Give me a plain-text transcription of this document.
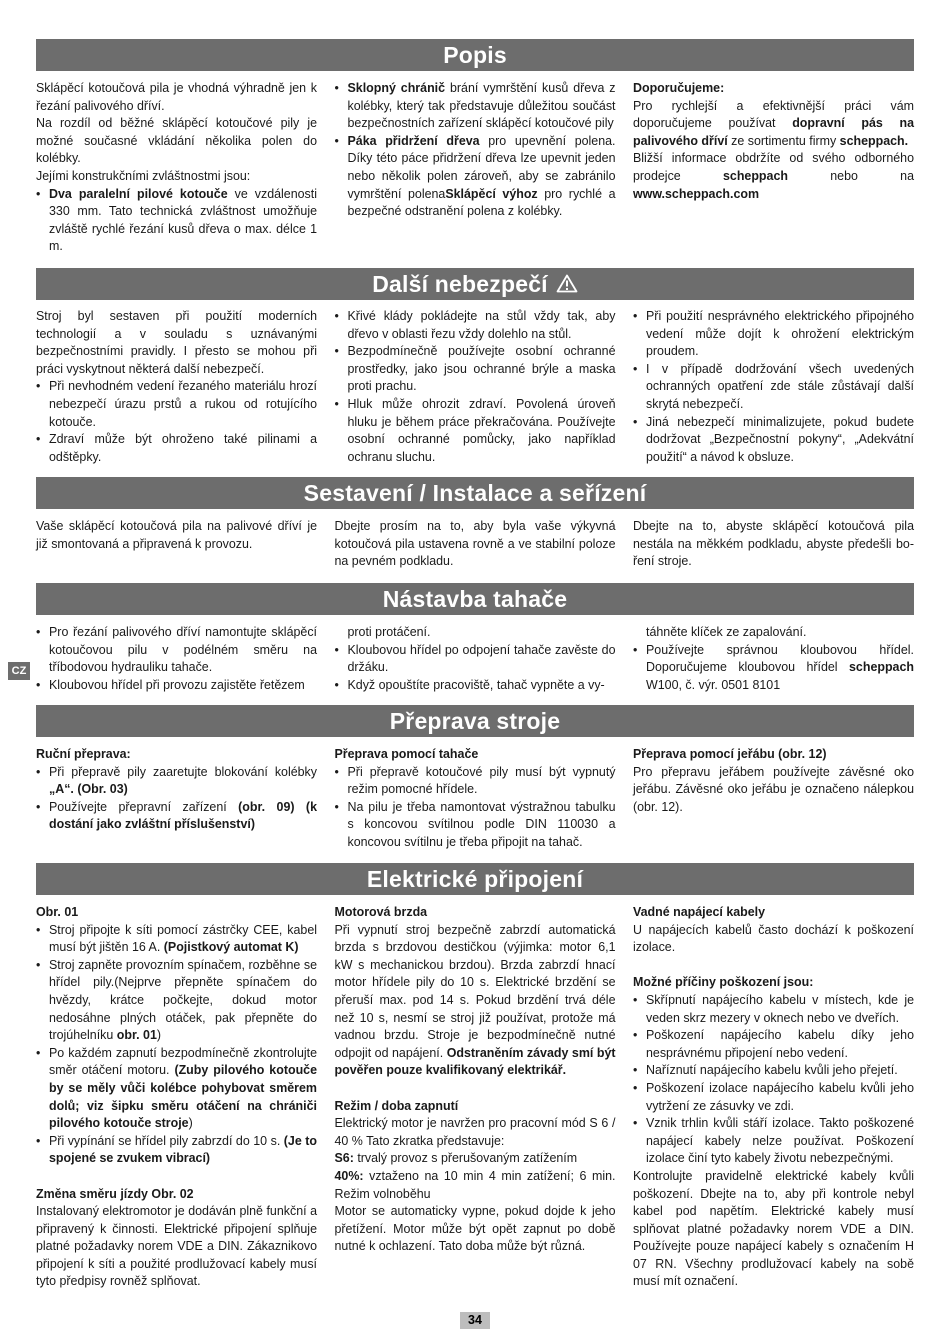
Popis

Sklápěcí kotoučová pila je vhodná výhradně jen k řezání palivového dříví.

Na rozdíl od běžné sklápěcí kotoučové pily je možné současné vkládání několika polen do kolébky.

Jejími konstrukčními zvláštnostmi jsou:

• Dva paralelní pilové kotouče ve vzdálenosti 330 mm. Tato technická zvláštnost umožňuje zvláště rychlé řezání kusů dřeva o max. délce 1 m.
• Sklopný chránič brání vymrštění kusů dřeva z kolébky, který tak představuje důležitou součást bezpečnostních zařízení sklápěcí kotoučové pily
• Páka přidržení dřeva pro upevnění polena. Díky této páce přidržení dřeva lze upevnit jeden nebo několik polen zároveň, aby se zabránilo vymrštění polenaSklápěcí výhoz pro rychlé a bezpečné odstranění polena z kolébky.

Doporučujeme:

Pro rychlejší a efektivnější práci vám doporučujeme používat dopravní pás na palivového dříví ze sortimentu firmy scheppach.

Bližší informace obdržíte od svého odborného prodejce scheppach nebo na www.scheppach.com

Další nebezpečí

Stroj byl sestaven při použití moderních technologií a v souladu s uznávanými bezpečnostními pravidly. I přesto se mohou při práci vyskytnout některá další nebezpečí.

• Při nevhodném vedení řezaného materiálu hrozí nebezpečí úrazu prstů a rukou od rotujícího kotouče.
• Zdraví může být ohroženo také pilinami a odštěpky.
• Křivé klády pokládejte na stůl vždy tak, aby dřevo v oblasti řezu vždy dolehlo na stůl.
• Bezpodmínečně používejte osobní ochranné prostředky, jako jsou ochranné brýle a maska proti prachu.
• Hluk může ohrozit zdraví. Povolená úroveň hluku je během práce překračována. Používejte osobní ochranné pomůcky, jako například ochranu sluchu.
• Při použití nesprávného elektrického připojného vedení může dojít k ohrožení elektrickým proudem.
• I v případě dodržování všech uvedených ochranných opatření zde stále zůstávají další skrytá nebezpečí.
• Jiná nebezpečí minimalizujete, pokud budete dodržovat „Bezpečnostní pokyny“, „Adekvátní použití“ a návod k obsluze.
Sestavení / Instalace a seřízení

Vaše sklápěcí kotoučová pila na palivové dříví je již smontovaná a připravená k provozu.

Dbejte prosím na to, aby byla vaše výkyvná kotoučová pila ustavena rovně a ve stabilní poloze na pevném podkladu.

Dbejte na to, abyste sklápěcí kotoučová pila nestála na měkkém podkladu, abyste předešli bo-ření stroje.

Nástavba tahače
• Pro řezání palivového dříví namontujte sklápěcí kotoučovou pilu v podélném směru na tříbodovou hydrauliku tahače.
• Kloubovou hřídel při provozu zajistěte řetězem

proti protáčení.

• Kloubovou hřídel po odpojení tahače zavěste do držáku.
• Když opouštíte pracoviště, tahač vypněte a vy-

táhněte klíček ze zapalování.

• Používejte správnou kloubovou hřídel. Doporučujeme kloubovou hřídel scheppach W100, č. výr. 0501 8101
Přeprava stroje

Ruční přeprava:

• Při přepravě pily zaaretujte blokování kolébky „A“. (Obr. 03)
• Používejte přepravní zařízení (obr. 09) (k dostání jako zvláštní příslušenství)

Přeprava pomocí tahače

• Při přepravě kotoučové pily musí být vypnutý režim pomocné hřídele.
• Na pilu je třeba namontovat výstražnou tabulku s koncovou svítilnou podle DIN 110030 a koncovou svítilnu je třeba připojit na tahač.

Přeprava pomocí jeřábu (obr. 12)

Pro přepravu jeřábem používejte závěsné oko jeřábu. Závěsné oko jeřábu je označeno nálepkou (obr. 12).

Elektrické připojení

Obr. 01

• Stroj připojte k síti pomocí zástrčky CEE, kabel musí být jištěn 16 A. (Pojistkový automat K)
• Stroj zapněte provozním spínačem, rozběhne se hřídel pily.(Nejprve přepněte spínačem do hvězdy, krátce počkejte, dokud motor nedosáhne plných otáček, pak přepněte do trojúhelníku obr. 01)
• Po každém zapnutí bezpodmínečně zkontrolujte směr otáčení motoru. (Zuby pilového kotouče by se měly vůči kolébce pohybovat směrem dolů; viz šipku směru otáčení na chrániči pilového kotouče stroje)
• Při vypínání se hřídel pily zabrzdí do 10 s. (Je to spojené se zvukem vibrací)

Změna směru jízdy Obr. 02

Instalovaný elektromotor je dodáván plně funkční a připravený k činnosti. Elektrické připojení splňuje platné požadavky norem VDE a DIN. Zákaznikovo připojení k síti a použité prodlužovací kabely musí tyto předpisy rovněž splňovat.

Motorová brzda

Při vypnutí stroj bezpečně zabrzdí automatická brzda s brzdovou destičkou (výjimka: motor 6,1 kW s mechanickou brzdou). Brzda zabrzdí hnací motor hřídele pily do 10 s. Elektrické brzdění se přeruší max. pod 14 s. Pokud brzdění trvá déle než 10 s, nesmí se stroj již používat, protože má vadnou brzdu. Stroje je bezpodmínečně nutné odpojit od napájení. Odstraněním závady smí být pověřen pouze kvalifikovaný elektrikář.

Režim / doba zapnutí

Elektrický motor je navržen pro pracovní mód S 6 / 40 % Tato zkratka představuje:

S6: trvalý provoz s přerušovaným zatížením

40%: vztaženo na 10 min 4 min zatížení; 6 min. Režim volnoběhu

Motor se automaticky vypne, pokud dojde k jeho přetížení. Motor může být opět zapnut po době nutné k ochlazení. Tato doba může být různá.

Vadné napájecí kabely

U napájecích kabelů často dochází k poškození izolace.

Možné příčiny poškození jsou:

• Skřípnutí napájecího kabelu v místech, kde je veden skrz mezery v oknech nebo ve dveřích.
• Poškození napájecího kabelu díky jeho nesprávnému připojení nebo vedení.
• Naříznutí napájecího kabelu kvůli jeho přejetí.
• Poškození izolace napájecího kabelu kvůli jeho vytržení ze zásuvky ve zdi.
• Vznik trhlin kvůli stáří izolace. Takto poškozené napájecí kabely nelze používat. Poškození izolace činí tyto kabely životu nebezpečnými.

Kontrolujte pravidelně elektrické kabely kvůli poškození. Dbejte na to, aby při kontrole nebyl kabel pod napětím. Elektrické kabely musí splňovat platné požadavky norem VDE a DIN. Používejte pouze napájecí kabely s označením H 07 RN. Všechny prodlužovací kabely na sobě musí mít označení.

CZ
34
